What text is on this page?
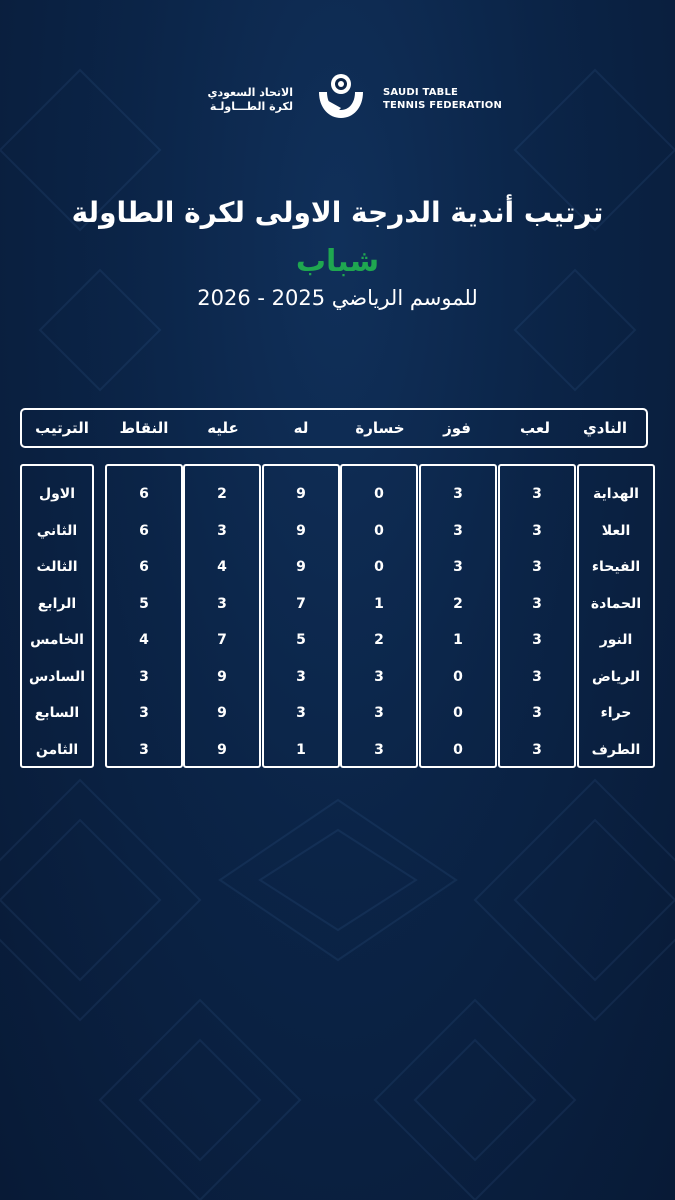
الاتحاد السعودي
لكرة الطـــاولـة
SAUDI TABLE
TENNIS FEDERATION
ترتيب أندية الدرجة الاولى لكرة الطاولة
شباب
للموسم الرياضي 2025 - 2026
النادي
لعب
فوز
خسارة
له
عليه
النقاط
الترتيب
الهداية
العلا
الفيحاء
الحمادة
النور
الرياض
حراء
الطرف
3
3
3
3
3
3
3
3
3
3
3
2
1
0
0
0
0
0
0
1
2
3
3
3
9
9
9
7
5
3
3
1
2
3
4
3
7
9
9
9
6
6
6
5
4
3
3
3
الاول
الثاني
الثالث
الرابع
الخامس
السادس
السابع
الثامن
